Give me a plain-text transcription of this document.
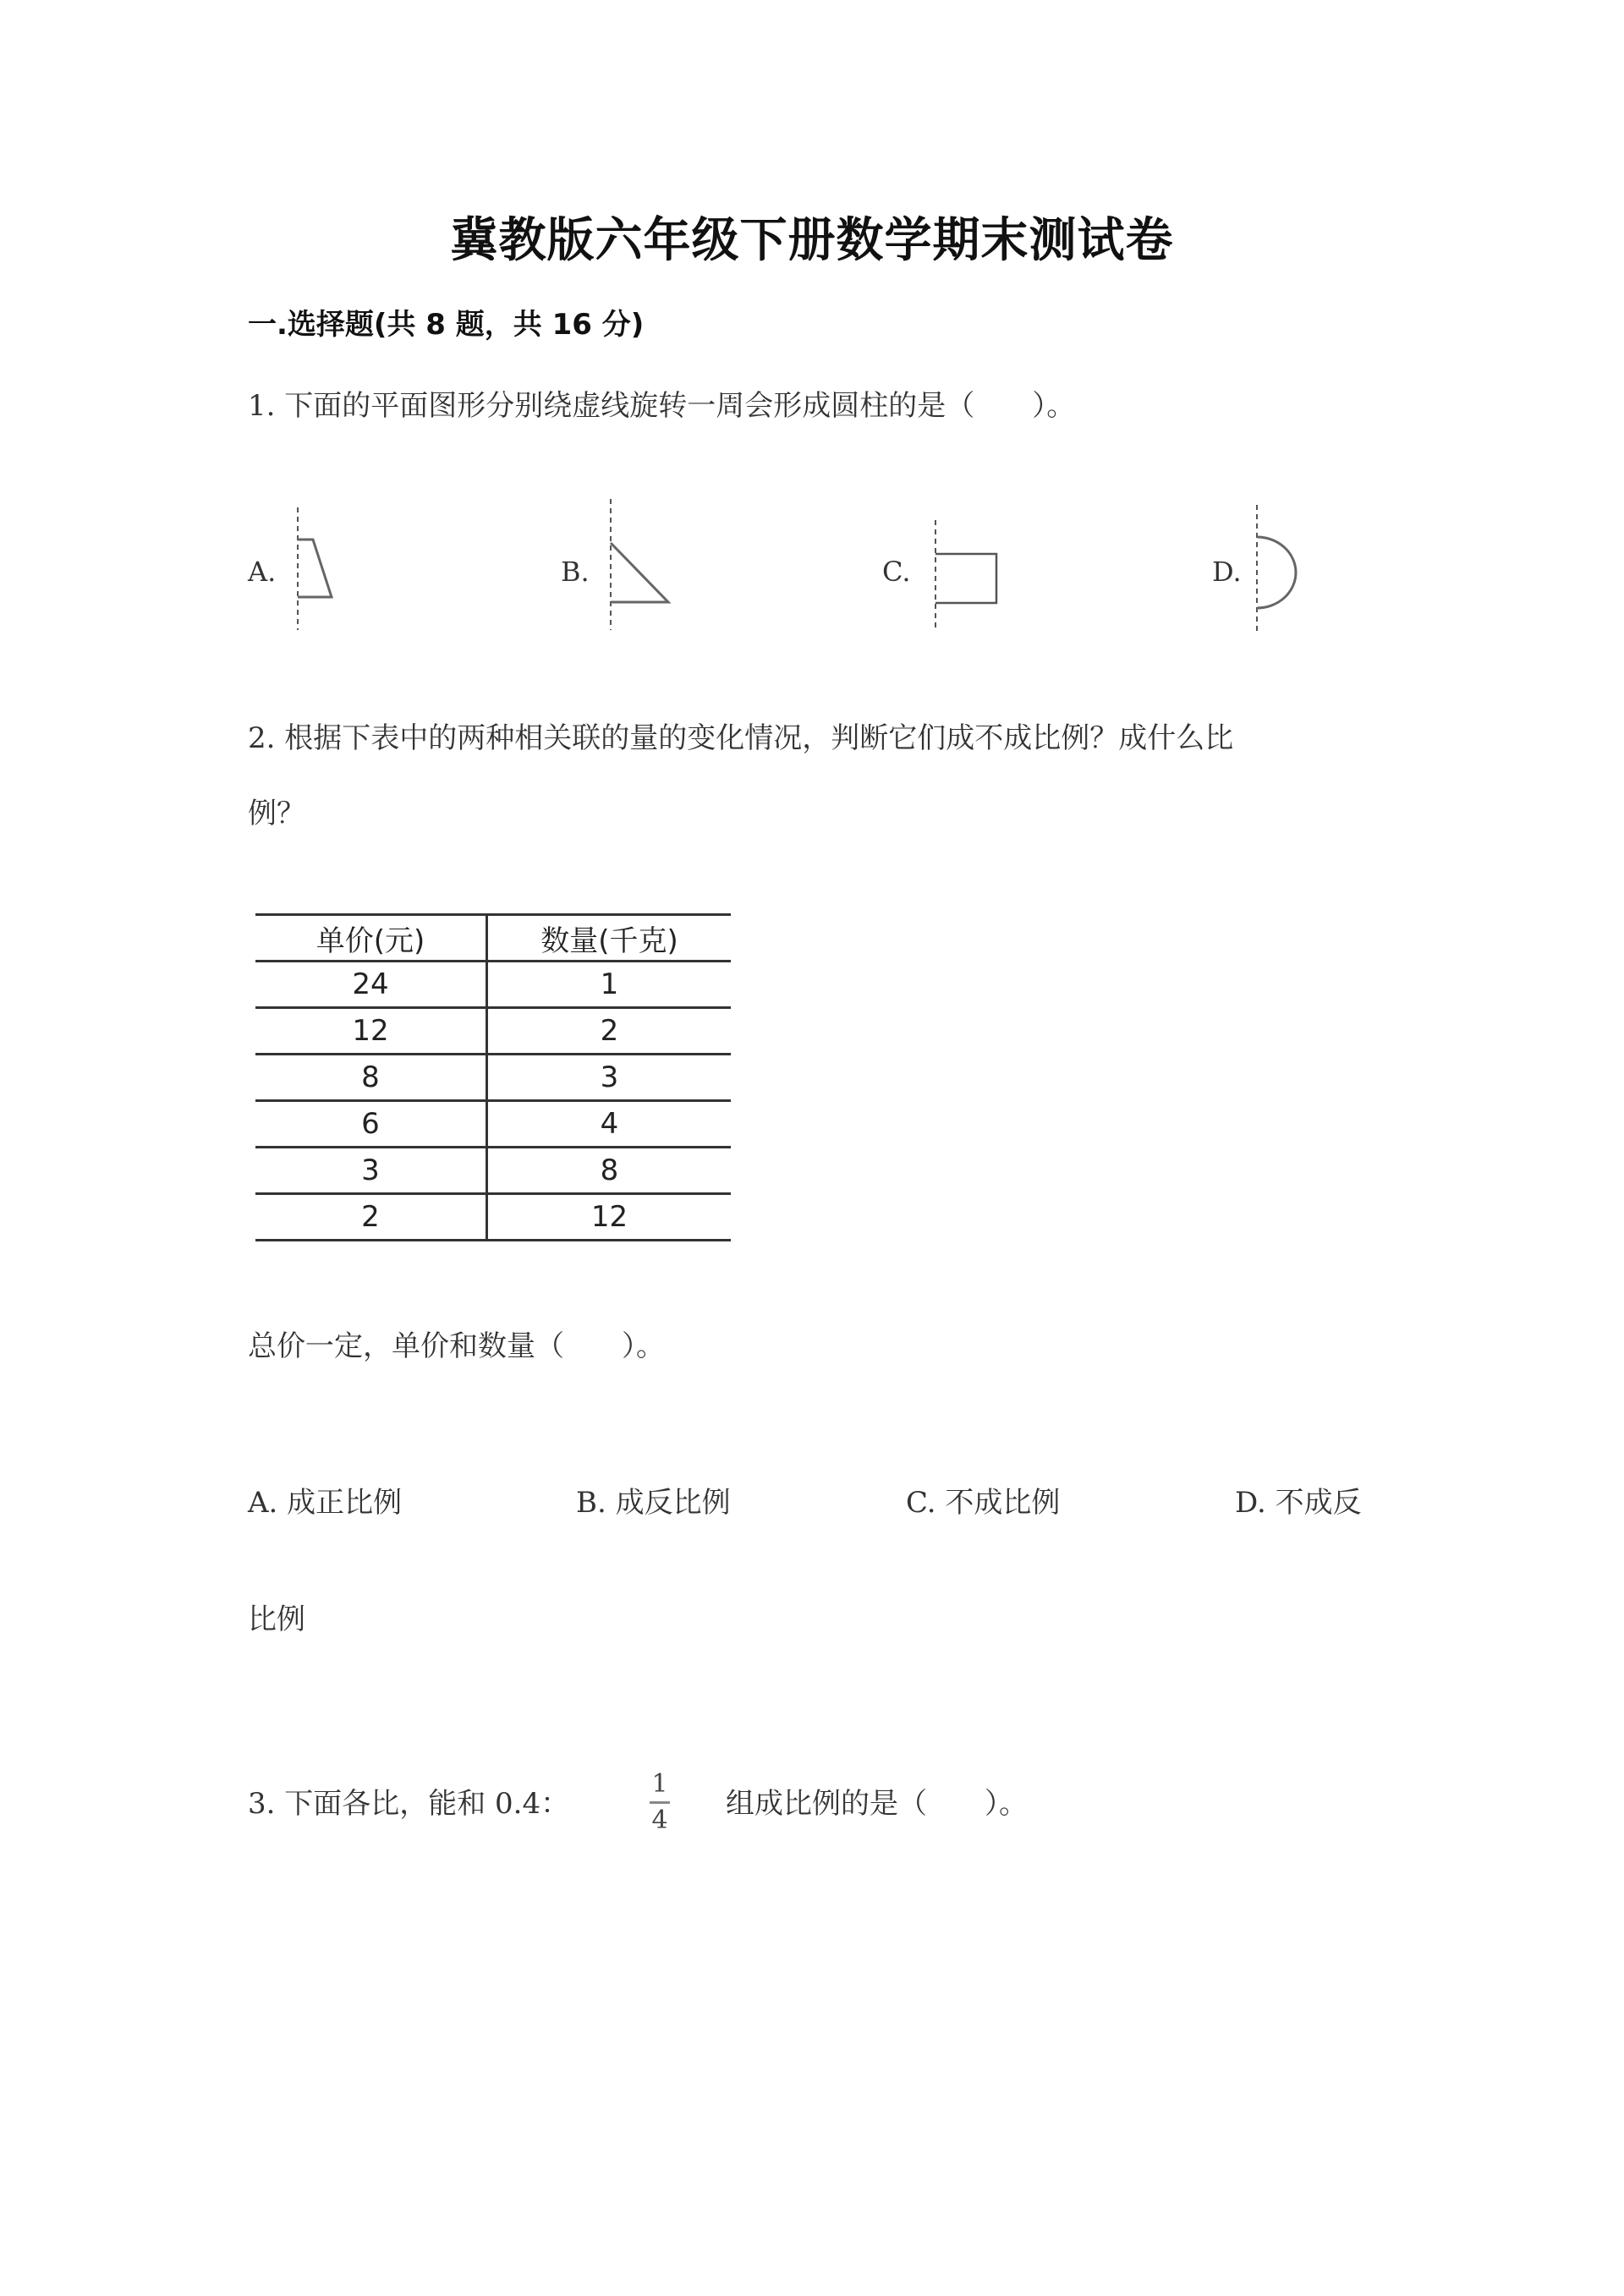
冀教版六年级下册数学期末测试卷
一.选择题(共 8 题，共 16 分)
1. 下面的平面图形分别绕虚线旋转一周会形成圆柱的是（　　）。
A.	B.	C.	D.
2. 根据下表中的两种相关联的量的变化情况，判断它们成不成比例？成什么比
例？
单价(元)	数量(千克)
24	1
12	2
8	3
6	4
3	8
2	12
总价一定，单价和数量（　　）。
A. 成正比例	B. 成反比例	C. 不成比例	D. 不成反
比例
3. 下面各比，能和 0.4：
1
4 组成比例的是（　　）。
